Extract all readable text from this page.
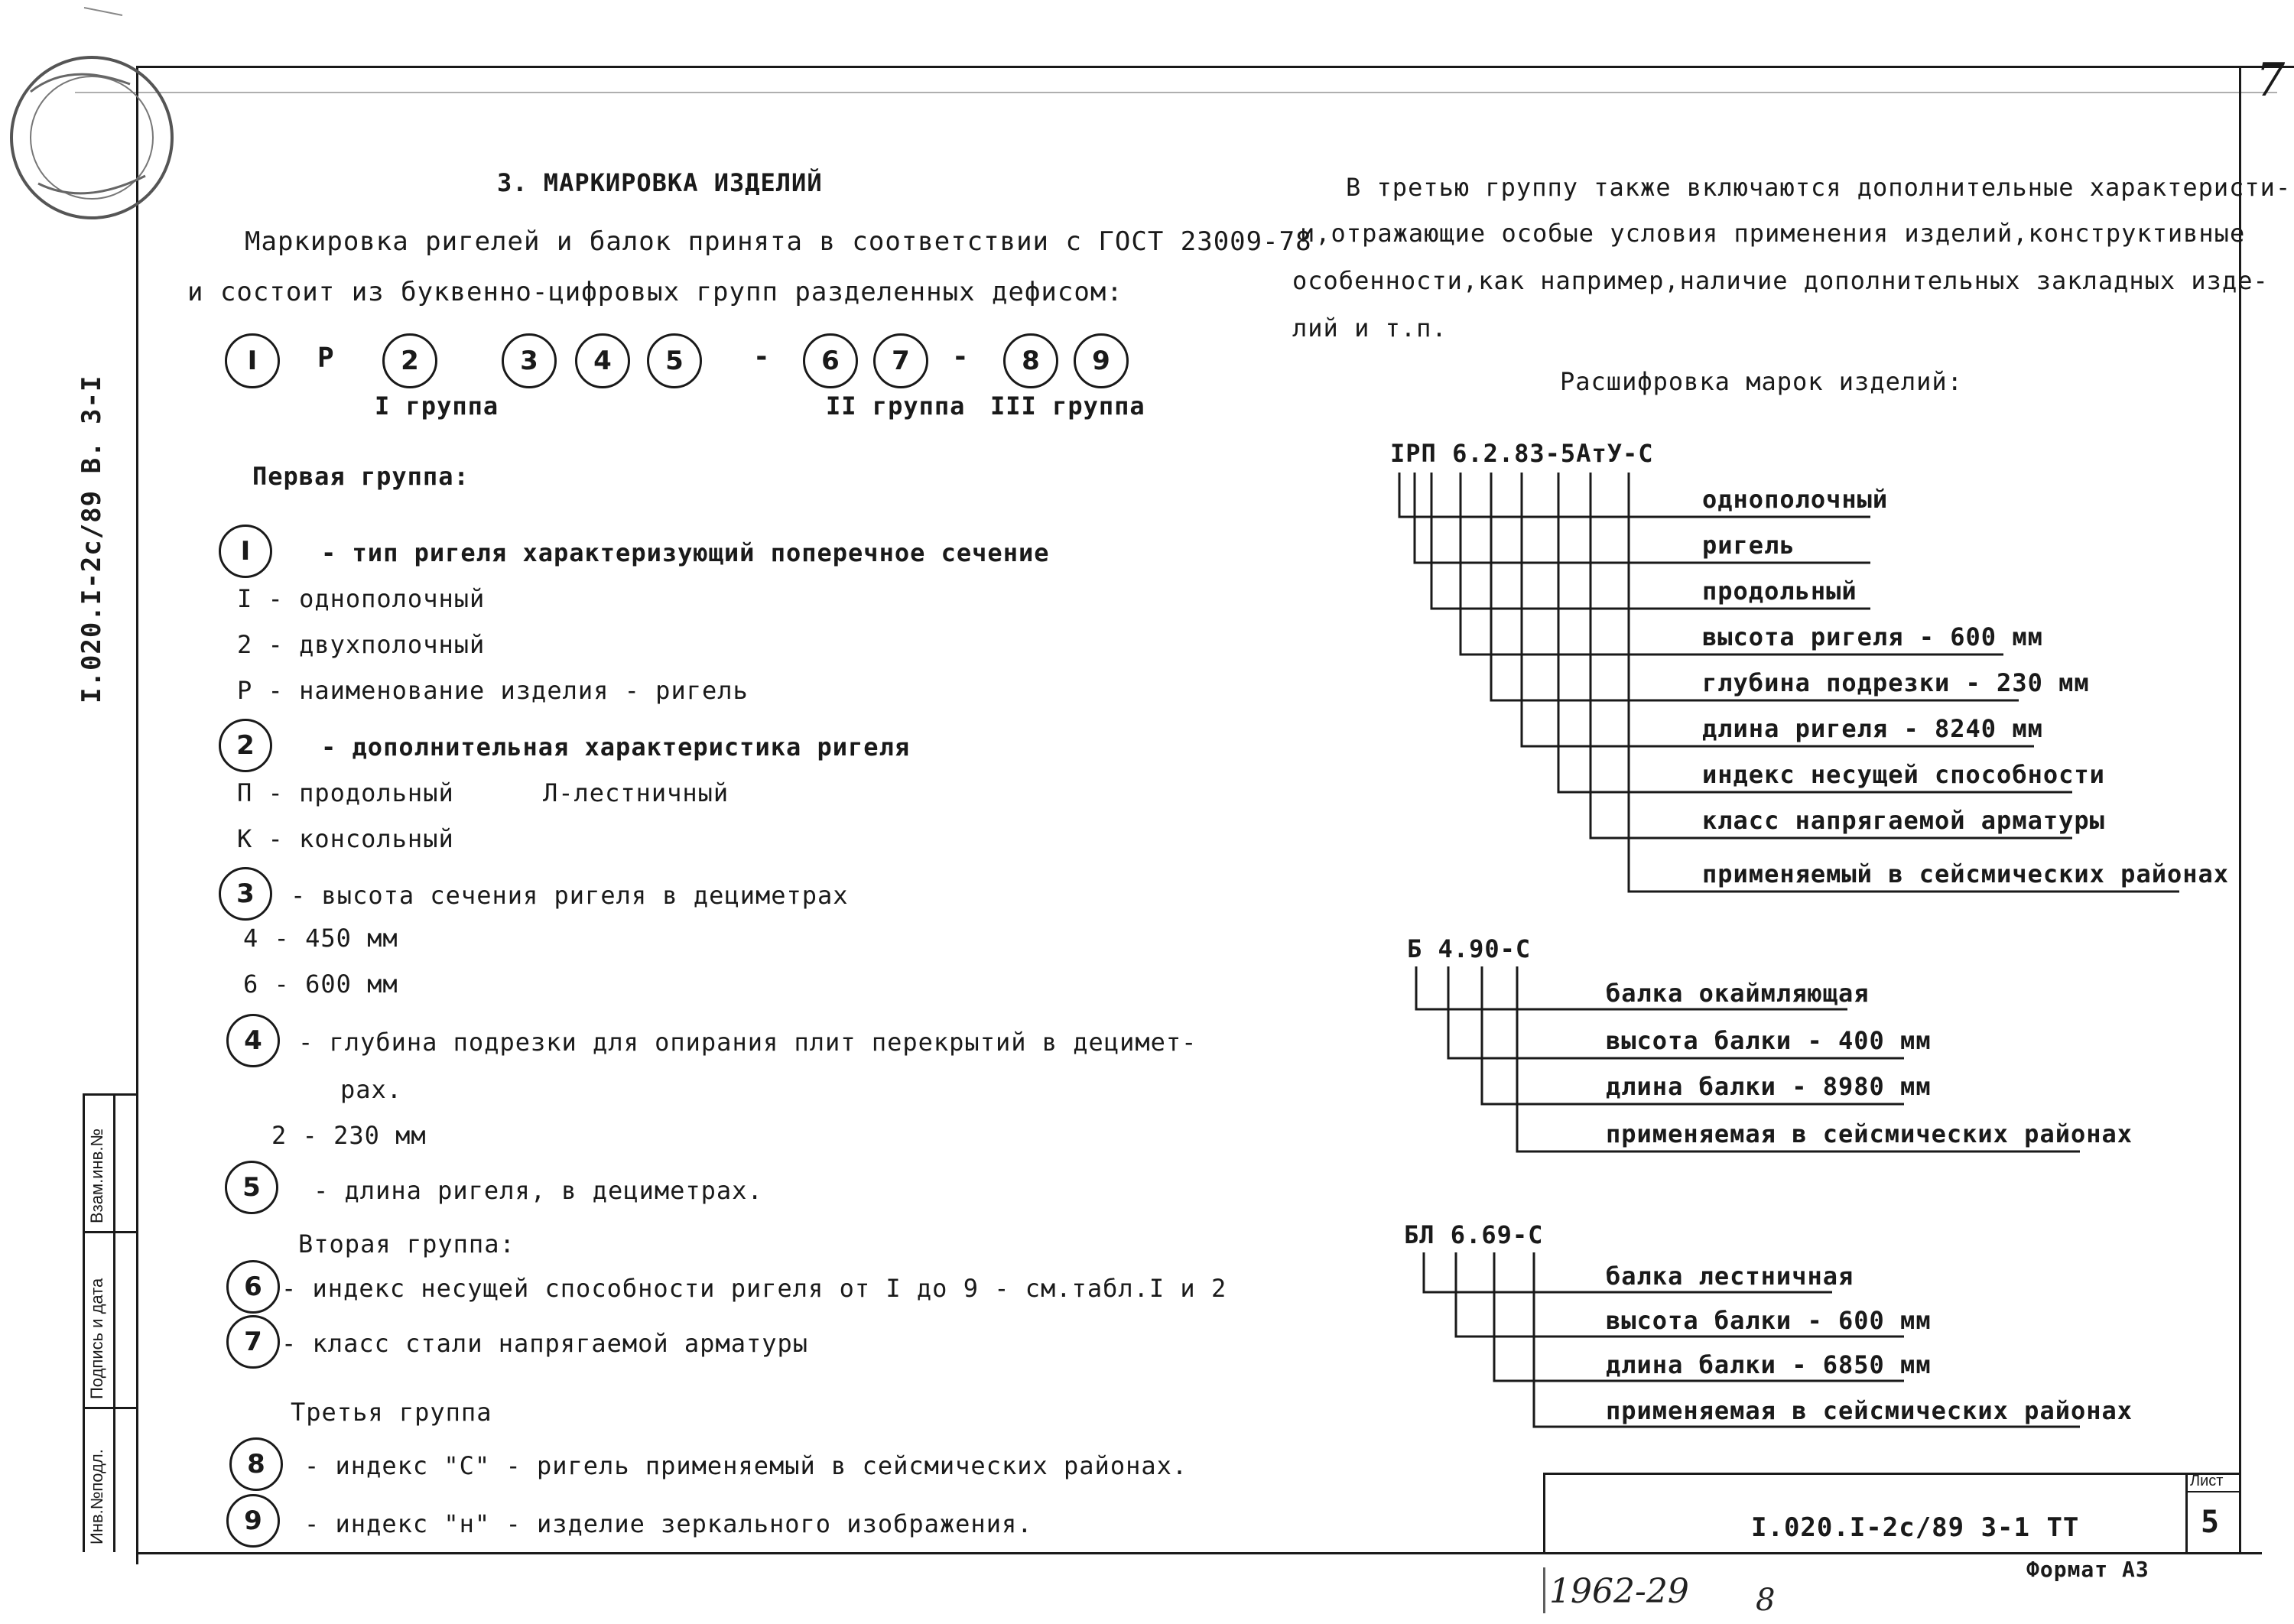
7
I.020.I-2с/89 В. 3-I
Взам.инв.№
Подпись и дата
Инв.№подл.
3. МАРКИРОВКА ИЗДЕЛИЙ
Маркировка ригелей и балок принята в соответствии с ГОСТ 23009-78
и состоит из буквенно-цифровых групп разделенных дефисом:
I	Р	2	3	4	5	-	6	7	-	8	9
I группа	II группа III группа
Первая группа:
I	- тип ригеля характеризующий поперечное сечение
I - однополочный
2 - двухполочный
Р - наименование изделия - ригель
2	- дополнительная характеристика ригеля
П - продольный	Л-лестничный
К - консольный
3	- высота сечения ригеля в дециметрах
4 - 450 мм
6 - 600 мм
4	- глубина подрезки для опирания плит перекрытий в децимет-
рах.
2 - 230 мм
5	- длина ригеля, в дециметрах.
Вторая группа:
6 - индекс несущей способности ригеля от I до 9 - см.табл.I и 2
7 - класс стали напрягаемой арматуры
Третья группа
8	- индекс "С" - ригель применяемый в сейсмических районах.
9	- индекс "н" - изделие зеркального изображения.
В третью группу также включаются дополнительные характеристи-
и,отражающие особые условия применения изделий,конструктивные
особенности,как например,наличие дополнительных закладных изде-
лий и т.п.
Расшифровка марок изделий:
IРП 6.2.83-5АтУ-С
однополочный
ригель
продольный
высота ригеля - 600 мм
глубина подрезки - 230 мм
длина ригеля - 8240 мм
индекс несущей способности
класс напрягаемой арматуры
применяемый в сейсмических районах
Б 4.90-С
балка окаймляющая
высота балки - 400 мм
длина балки - 8980 мм
применяемая в сейсмических районах
БЛ 6.69-С
балка лестничная
высота балки - 600 мм
длина балки - 6850 мм
применяемая в сейсмических районах
I.020.I-2с/89 3-1 ТТ
Лист
5
Формат А3
1962-29 8
